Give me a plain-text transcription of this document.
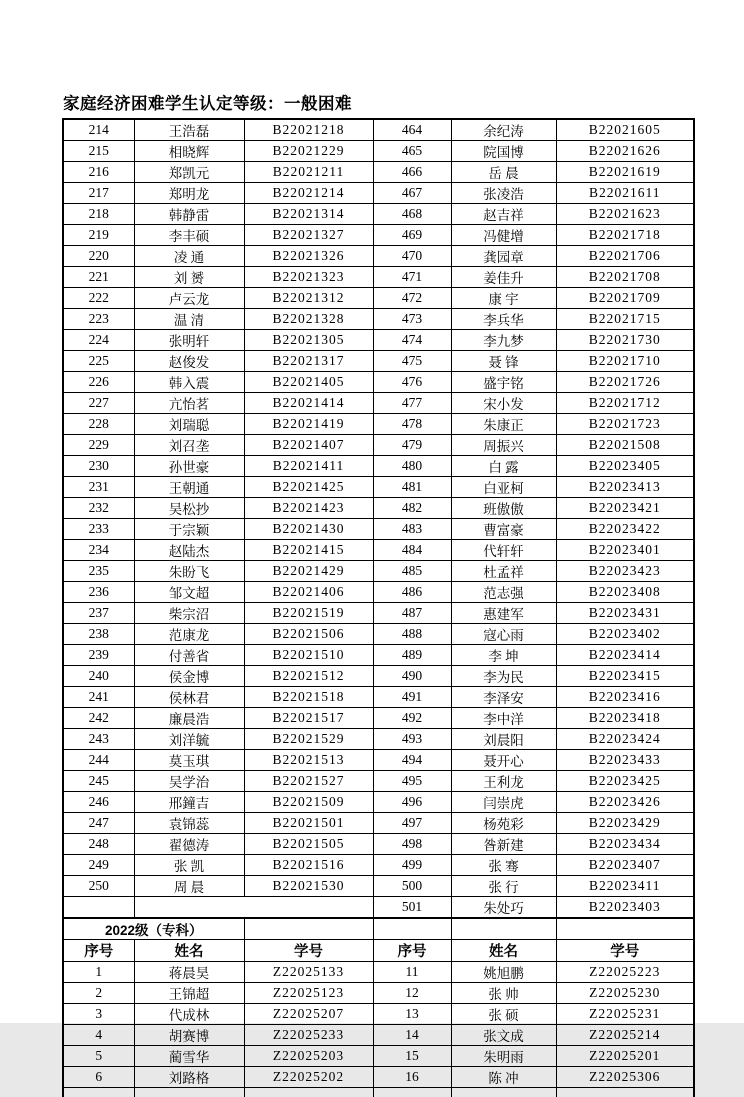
家庭经济困难学生认定等级：一般困难
214	王浩磊	B22021218	464	余纪涛	B22021605
215	相晓辉	B22021229	465	院国博	B22021626
216	郑凯元	B22021211	466	岳 晨	B22021619
217	郑明龙	B22021214	467	张凌浩	B22021611
218	韩静雷	B22021314	468	赵吉祥	B22021623
219	李丰硕	B22021327	469	冯健增	B22021718
220	凌 通	B22021326	470	龚园章	B22021706
221	刘 赟	B22021323	471	姜佳升	B22021708
222	卢云龙	B22021312	472	康 宇	B22021709
223	温 清	B22021328	473	李兵华	B22021715
224	张明轩	B22021305	474	李九梦	B22021730
225	赵俊发	B22021317	475	聂 锋	B22021710
226	韩入震	B22021405	476	盛宇铭	B22021726
227	亢怡茗	B22021414	477	宋小发	B22021712
228	刘瑞聪	B22021419	478	朱康正	B22021723
229	刘召垄	B22021407	479	周振兴	B22021508
230	孙世豪	B22021411	480	白 露	B22023405
231	王朝通	B22021425	481	白亚柯	B22023413
232	吴松抄	B22021423	482	班傲傲	B22023421
233	于宗颖	B22021430	483	曹富豪	B22023422
234	赵陆杰	B22021415	484	代轩轩	B22023401
235	朱盼飞	B22021429	485	杜孟祥	B22023423
236	邹文超	B22021406	486	范志强	B22023408
237	柴宗沼	B22021519	487	惠建军	B22023431
238	范康龙	B22021506	488	寇心雨	B22023402
239	付善省	B22021510	489	李 坤	B22023414
240	侯金博	B22021512	490	李为民	B22023415
241	侯林君	B22021518	491	李泽安	B22023416
242	廉晨浩	B22021517	492	李中洋	B22023418
243	刘洋毓	B22021529	493	刘晨阳	B22023424
244	莫玉琪	B22021513	494	聂开心	B22023433
245	吴学治	B22021527	495	王利龙	B22023425
246	邢鐘吉	B22021509	496	闫崇虎	B22023426
247	袁锦蕊	B22021501	497	杨苑彩	B22023429
248	翟德涛	B22021505	498	昝新建	B22023434
249	张 凯	B22021516	499	张 骞	B22023407
250	周 晨	B22021530	500	张 行	B22023411
			501	朱处巧	B22023403
2022级（专科）					
序号	姓名	学号	序号	姓名	学号
1	蒋晨昊	Z22025133	11	姚旭鹏	Z22025223
2	王锦超	Z22025123	12	张 帅	Z22025230
3	代成林	Z22025207	13	张 硕	Z22025231
4	胡赛博	Z22025233	14	张文成	Z22025214
5	蔺雪华	Z22025203	15	朱明雨	Z22025201
6	刘路格	Z22025202	16	陈 冲	Z22025306
